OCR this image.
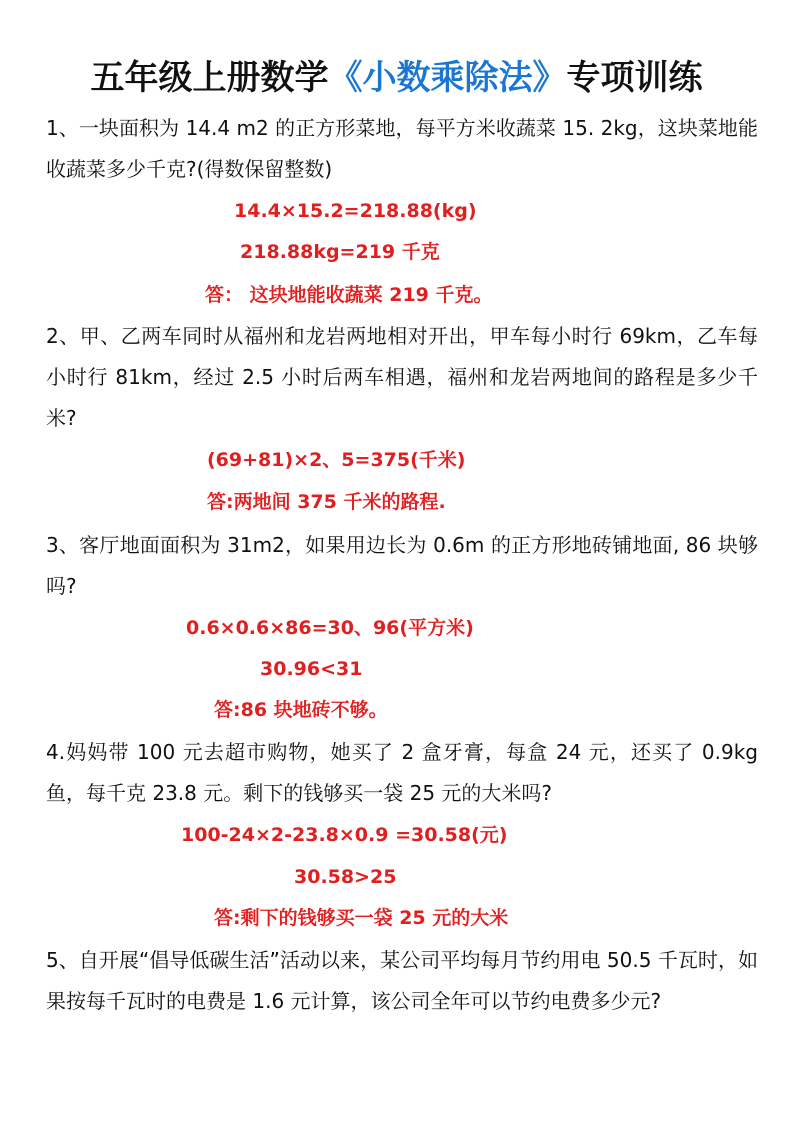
五年级上册数学《小数乘除法》专项训练

1、一块面积为 14.4 m2 的正方形菜地，每平方米收蔬菜 15. 2kg，这块菜地能收蔬菜多少千克?(得数保留整数)

14.4×15.2=218.88(kg)

218.88kg=219 千克

答： 这块地能收蔬菜 219 千克。

2、甲、乙两车同时从福州和龙岩两地相对开出，甲车每小时行 69km，乙车每小时行 81km，经过 2.5 小时后两车相遇，福州和龙岩两地间的路程是多少千米?

(69+81)×2、5=375(千米)

答:两地间 375 千米的路程.

3、客厅地面面积为 31m2，如果用边长为 0.6m 的正方形地砖铺地面, 86 块够吗?

0.6×0.6×86=30、96(平方米)

30.96<31

答:86 块地砖不够。

4.妈妈带 100 元去超市购物，她买了 2 盒牙膏，每盒 24 元，还买了 0.9kg 鱼，每千克 23.8 元。剩下的钱够买一袋 25 元的大米吗?

100-24×2-23.8×0.9 =30.58(元)

30.58>25

答:剩下的钱够买一袋 25 元的大米

5、自开展“倡导低碳生活”活动以来，某公司平均每月节约用电 50.5 千瓦时，如果按每千瓦时的电费是 1.6 元计算，该公司全年可以节约电费多少元?
